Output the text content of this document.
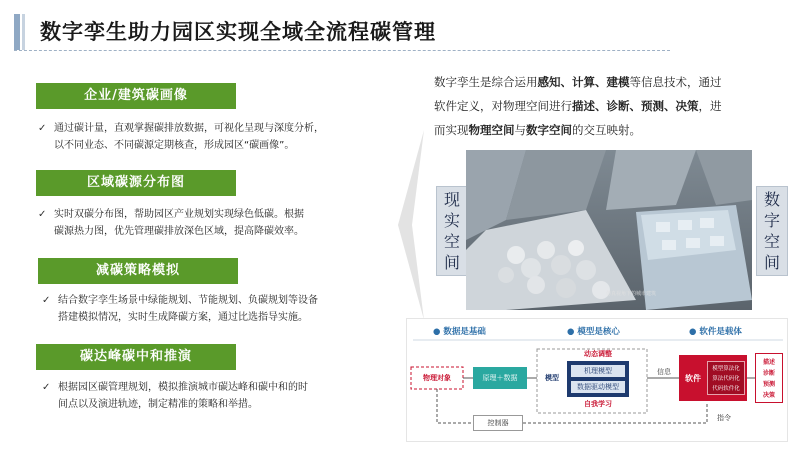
数字孪生助力园区实现全域全流程碳管理
企业/建筑碳画像
✓ 通过碳计量，直观掌握碳排放数据，可视化呈现与深度分析，
以不同业态、不同碳源定期核查，形成园区“碳画像”。
区域碳源分布图
✓ 实时双碳分布图，帮助园区产业规划实现绿色低碳。根据
碳源热力图，优先管理碳排放深色区域，提高降碳效率。
减碳策略模拟
✓ 结合数字孪生场景中绿能规划、节能规划、负碳规划等设备
搭建模拟情况，实时生成降碳方案，通过比选指导实施。
碳达峰碳中和推演
✓ 根据园区碳管理规划，模拟推演城市碳达峰和碳中和的时
间点以及演进轨迹，制定精准的策略和举措。
数字孪生是综合运用感知、计算、建模等信息技术，通过
软件定义，对物理空间进行描述、诊断、预测、决策，进
而实现物理空间与数字空间的交互映射。
现
实
空
间
仿真视角下的城市建筑
数
字
空
间
● 数据是基础	● 模型是核心	● 软件是载体
物理对象	原理＋数据	模型
机理模型
数据驱动模型
动态调整
自我学习
信息
软件
模型算法化
算法代码化
代码软件化
描述
诊断
预测
决策
控制器
指令
